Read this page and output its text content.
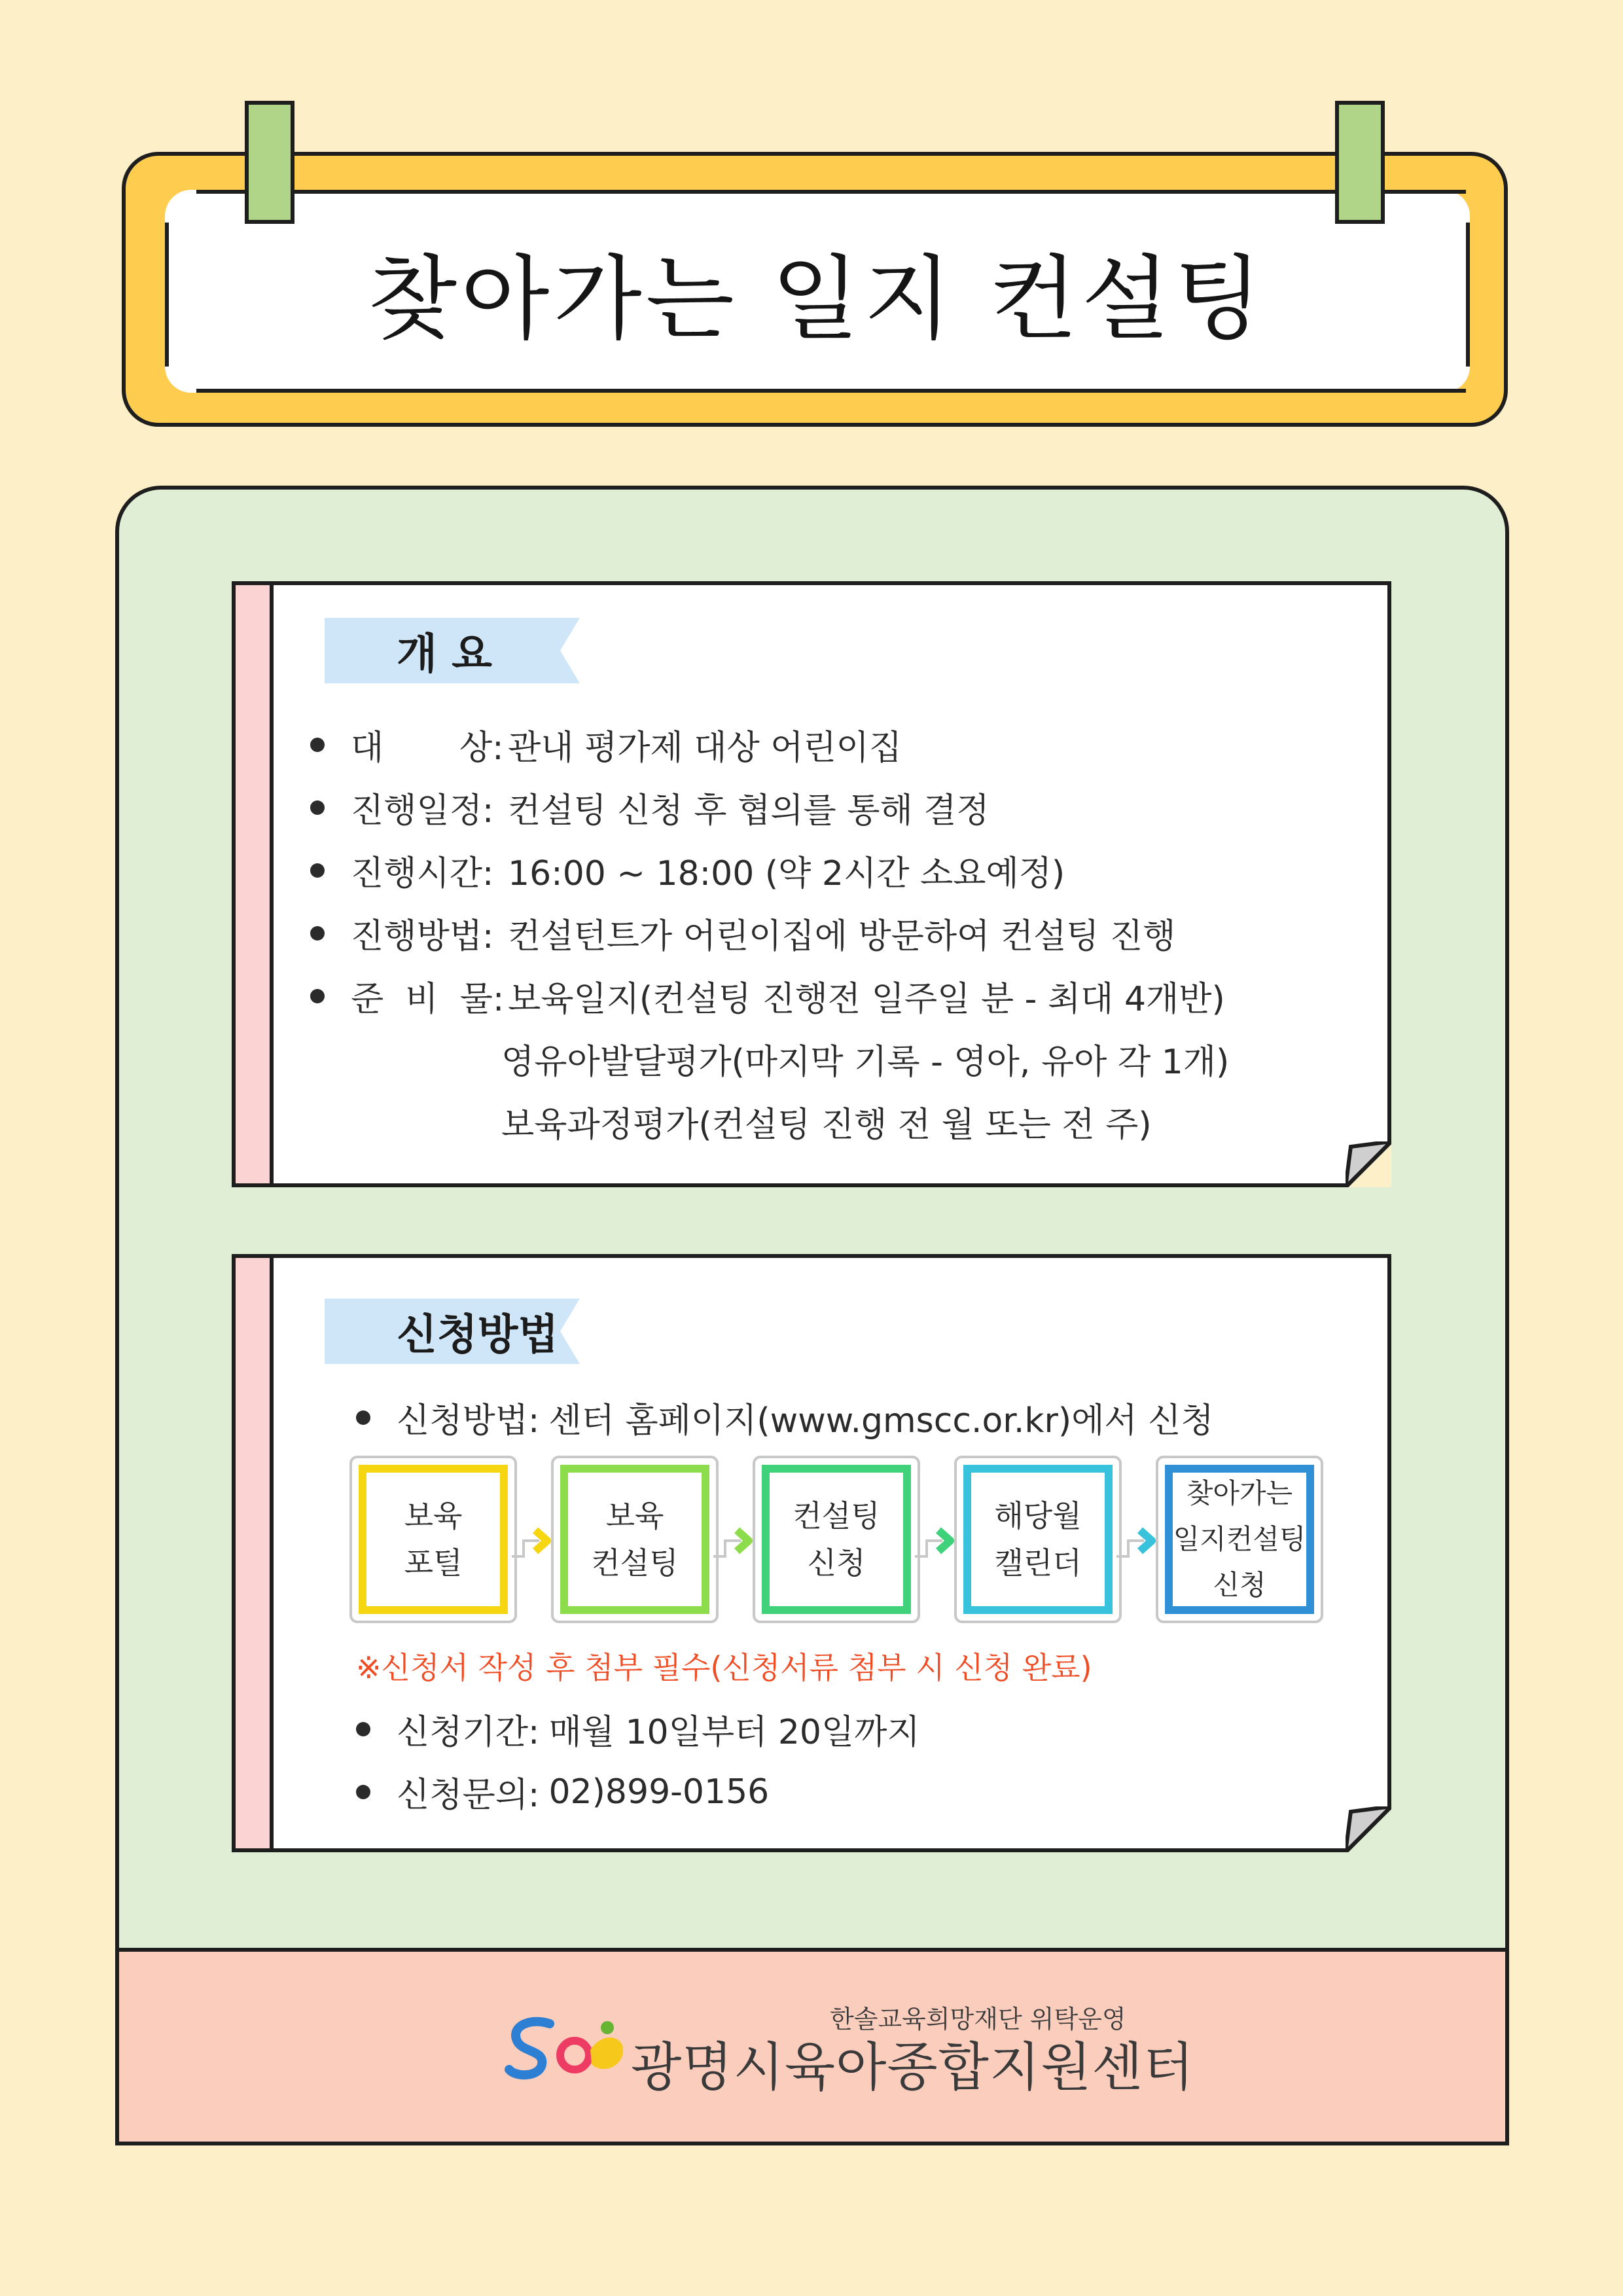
찾아가는 일지 컨설팅
개 요
대       상: 관내 평가제 대상 어린이집
진행일정: 컨설팅 신청 후 협의를 통해 결정
진행시간: 16:00 ~ 18:00 (약 2시간 소요예정)
진행방법: 컨설턴트가 어린이집에 방문하여 컨설팅 진행
준  비  물: 보육일지(컨설팅 진행전 일주일 분 - 최대 4개반)
영유아발달평가(마지막 기록 - 영아, 유아 각 1개)
보육과정평가(컨설팅 진행 전 월 또는 전 주)
신청방법
신청방법: 센터 홈페이지(www.gmscc.or.kr)에서 신청
보육
포털
보육
컨설팅
컨설팅
신청
해당월
캘린더
찾아가는
일지컨설팅
신청
※신청서 작성 후 첨부 필수(신청서류 첨부 시 신청 완료)
신청기간: 매월 10일부터 20일까지
신청문의: 02)899-0156
한솔교육희망재단 위탁운영
광명시육아종합지원센터
